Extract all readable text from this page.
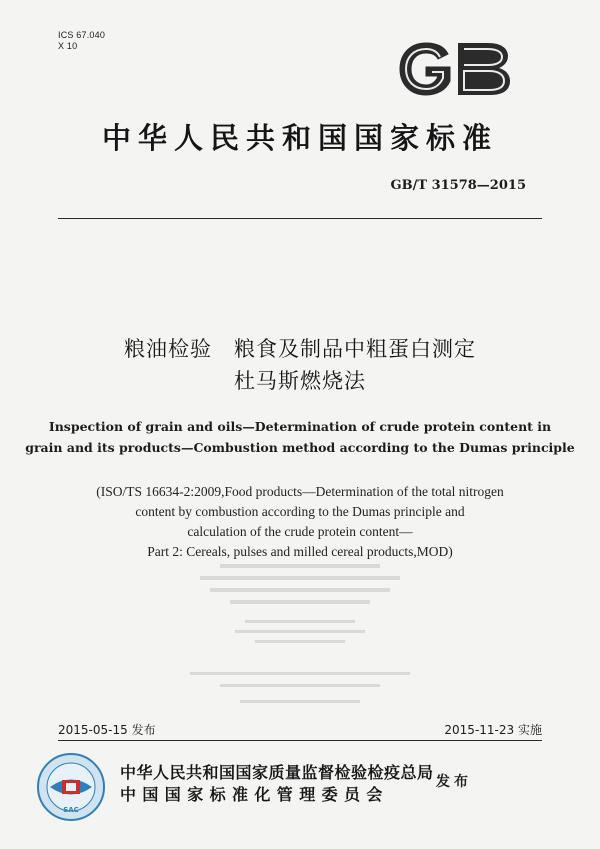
ICS 67.040
X 10
中华人民共和国国家标准
GB/T 31578—2015
粮油检验　粮食及制品中粗蛋白测定
杜马斯燃烧法
Inspection of grain and oils—Determination of crude protein content in
grain and its products—Combustion method according to the Dumas principle
(ISO/TS 16634-2:2009,Food products—Determination of the total nitrogen
content by combustion according to the Dumas principle and
calculation of the crude protein content—
Part 2: Cereals, pulses and milled cereal products,MOD)
2015-05-15 发布	2015-11-23 实施
SAC
中华人民共和国国家质量监督检验检疫总局
中国国家标准化管理委员会
发布
